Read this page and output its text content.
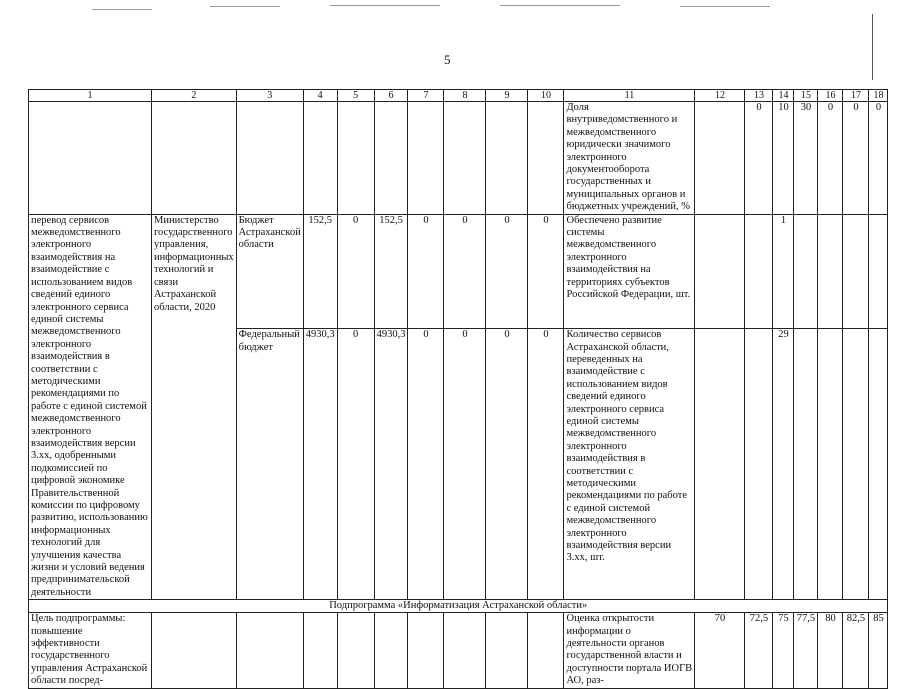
5
1	2	3	4	5	6	7	8	9	10	11	12	13	14	15	16	17	18
										Доля внутриведомственного и межведомственного юридически значимого электронного документооборота государственных и муниципальных органов и бюджетных учреждений, %		0	10	30	0	0	0
перевод сервисов межведомственного электронного взаимодействия на взаимодействие с использованием видов сведений единого электронного сервиса единой системы межведомственного электронного взаимодействия в соответствии с методическими рекомендациями по работе с единой системой межведомственного электронного взаимодействия версии 3.хх, одобренными подкомиссией по цифровой экономике Правительственной комиссии по цифровому развитию, использованию информационных технологий для улучшения качества жизни и условий ведения предпринимательской деятельности	Министерство государственного управления, информационных технологий и связи Астраханской области, 2020	Бюджет Астраханской области	152,5	0	152,5	0	0	0	0	Обеспечено развитие системы межведомственного электронного взаимодействия на территориях субъектов Российской Федерации, шт.			1				
		Федеральный бюджет	4930,3	0	4930,3	0	0	0	0	Количество сервисов Астраханской области, переведенных на взаимодействие с использованием видов сведений единого электронного сервиса единой системы межведомственного электронного взаимодействия в соответствии с методическими рекомендациями по работе с единой системой межведомственного электронного взаимодействия версии 3.хх, шт.			29				
Подпрограмма «Информатизация Астраханской области»																	
Цель подпрограммы: повышение эффективности государственного управления Астраханской области посред-										Оценка открытости информации о деятельности органов государственной власти и доступности портала ИОГВ АО, раз-	70	72,5	75	77,5	80	82,5	85
